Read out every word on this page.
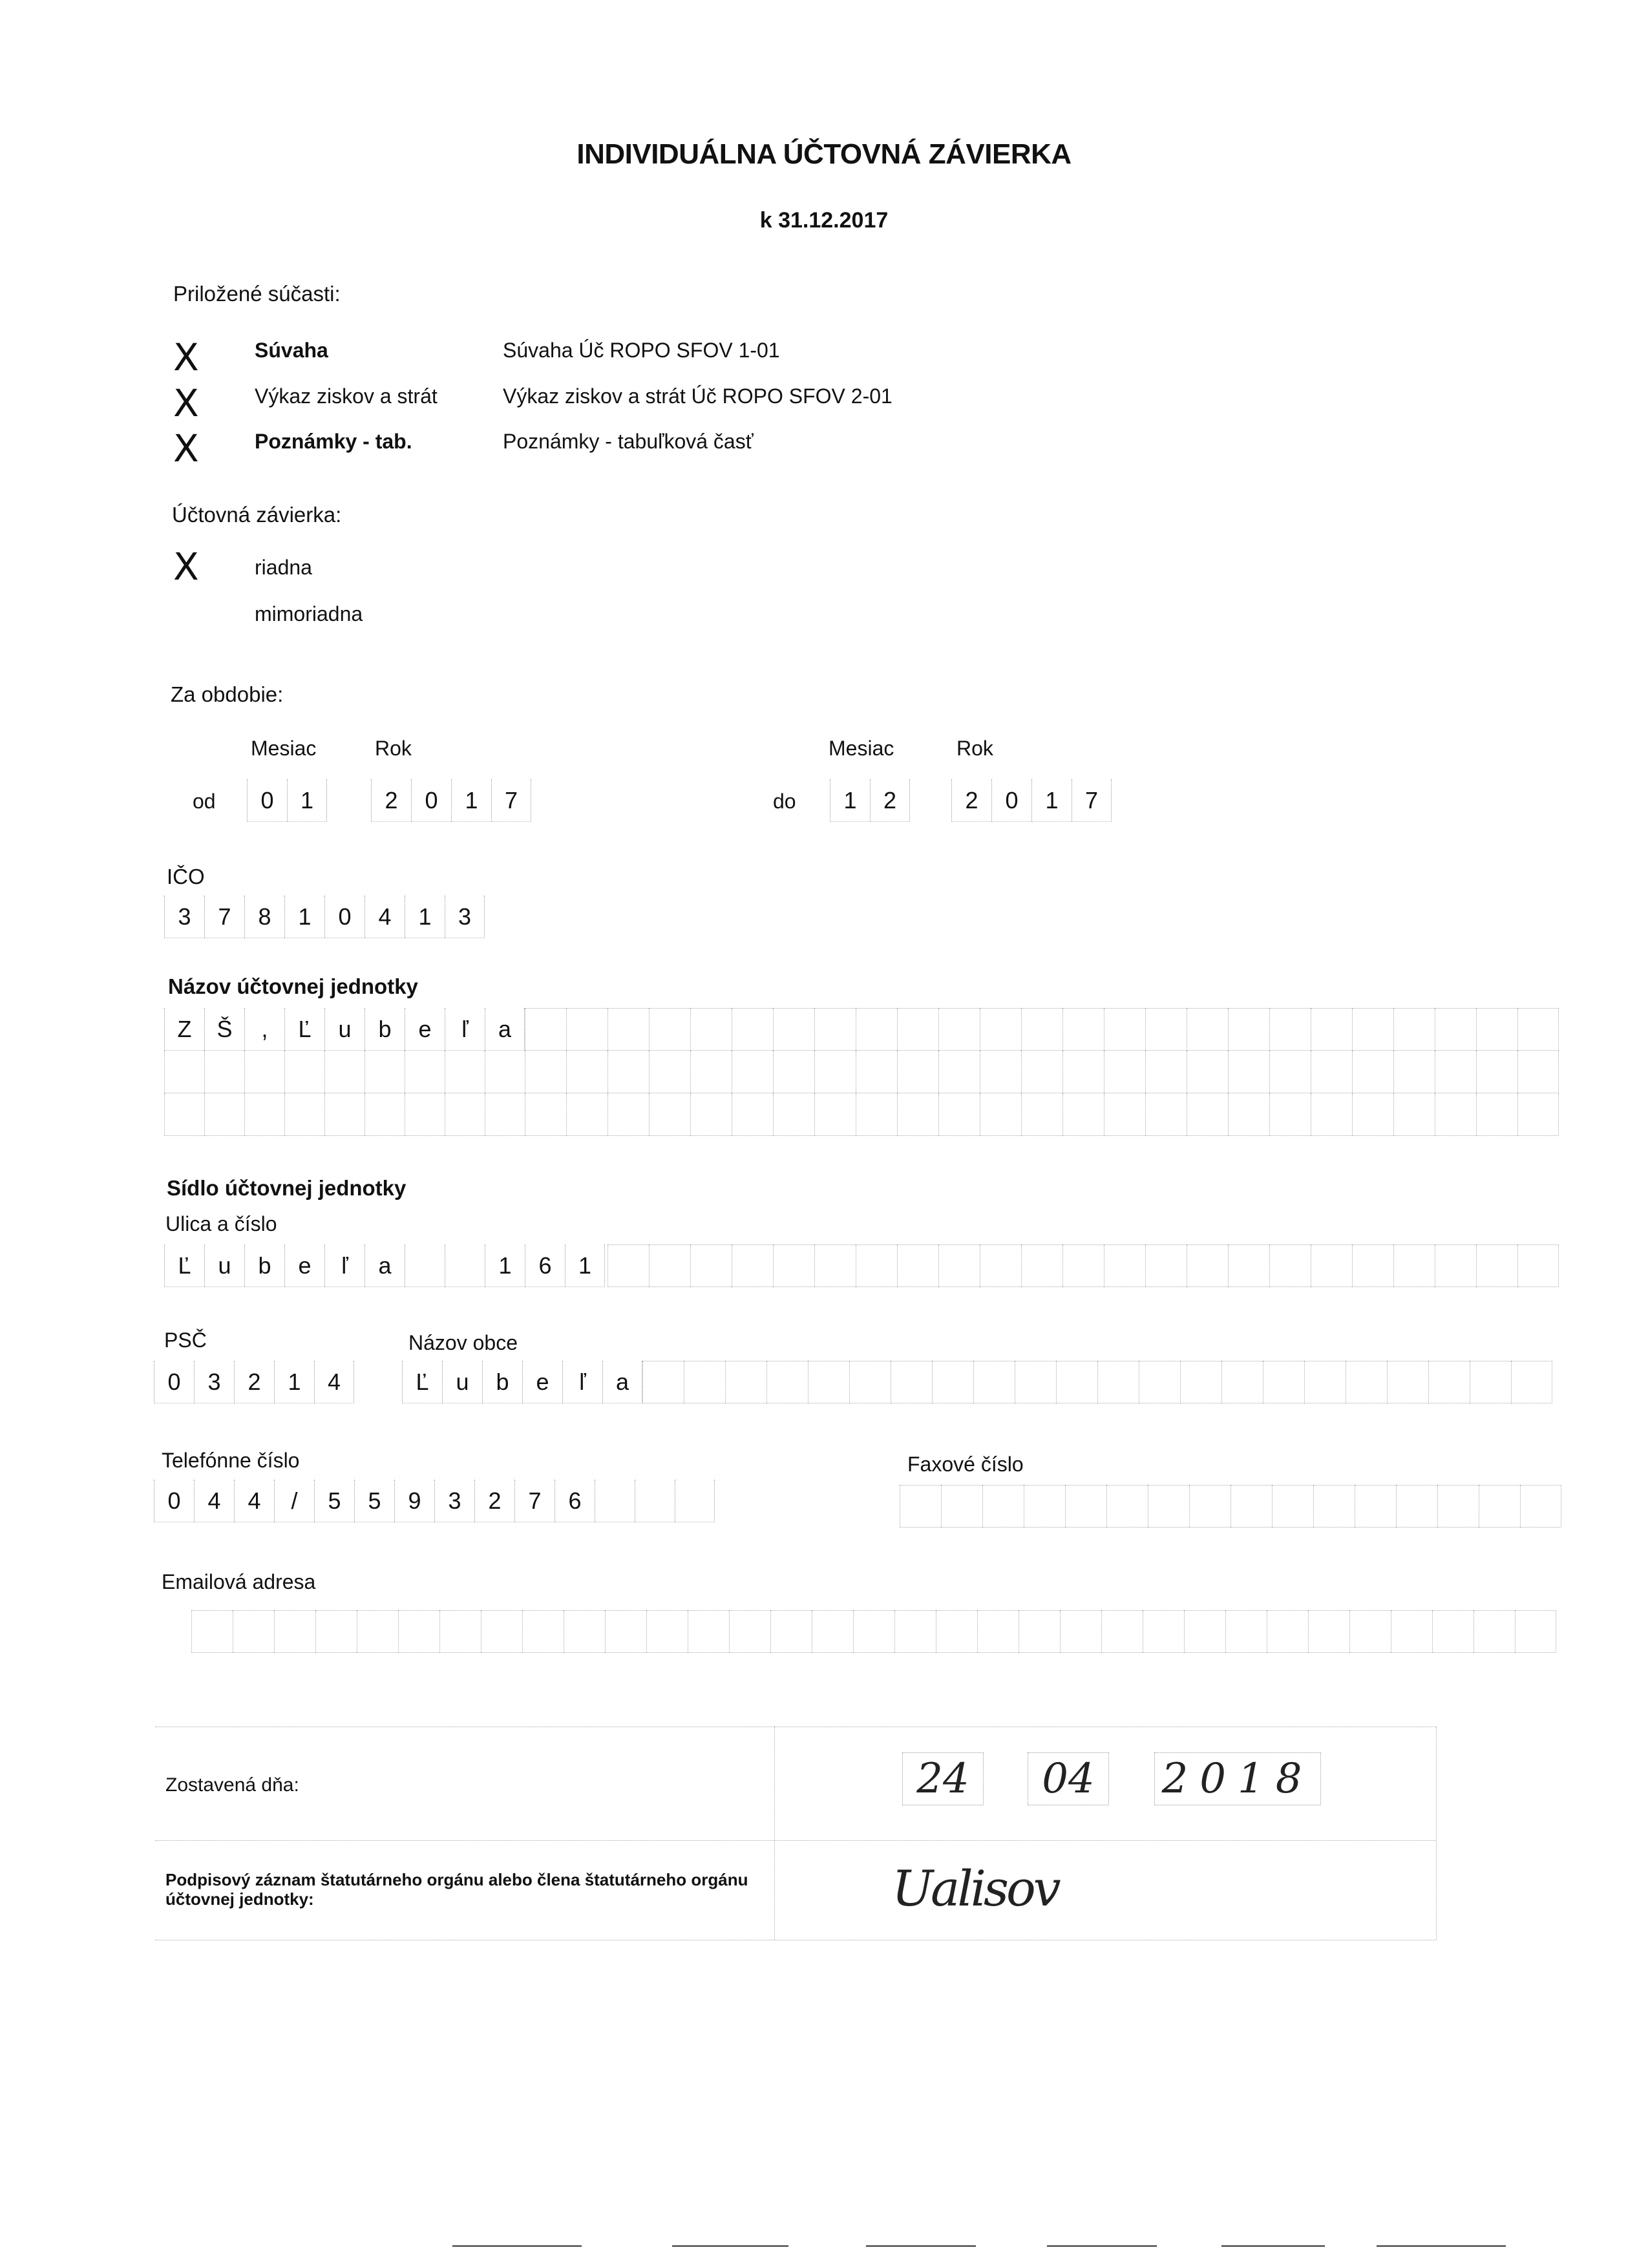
INDIVIDUÁLNA ÚČTOVNÁ ZÁVIERKA
k 31.12.2017
Priložené súčasti:
X	Súvaha	Súvaha Úč ROPO SFOV 1-01
X	Výkaz ziskov a strát	Výkaz ziskov a strát Úč ROPO SFOV 2-01
X	Poznámky - tab.	Poznámky - tabuľková časť
Účtovná závierka:
X	riadna
mimoriadna
Za obdobie:
Mesiac	Rok	Mesiac	Rok
od	0	1	2	0	1	7	do	1	2	2	0	1	7
IČO
3	7	8	1	0	4	1	3
Názov účtovnej jednotky
Z	Š	,	Ľ	u	b	e	ľ	a
Sídlo účtovnej jednotky
Ulica a číslo
Ľ	u	b	e	ľ	a	1	6	1
PSČ	Názov obce
0	3	2	1	4	Ľ	u	b	e	ľ	a
Telefónne číslo
0	4	4	/	5	5	9	3	2	7	6
Faxové číslo
Emailová adresa
Zostavená dňa:	24	04	2018
Podpisový záznam štatutárneho orgánu alebo člena štatutárneho orgánu
účtovnej jednotky:	Ualisov
